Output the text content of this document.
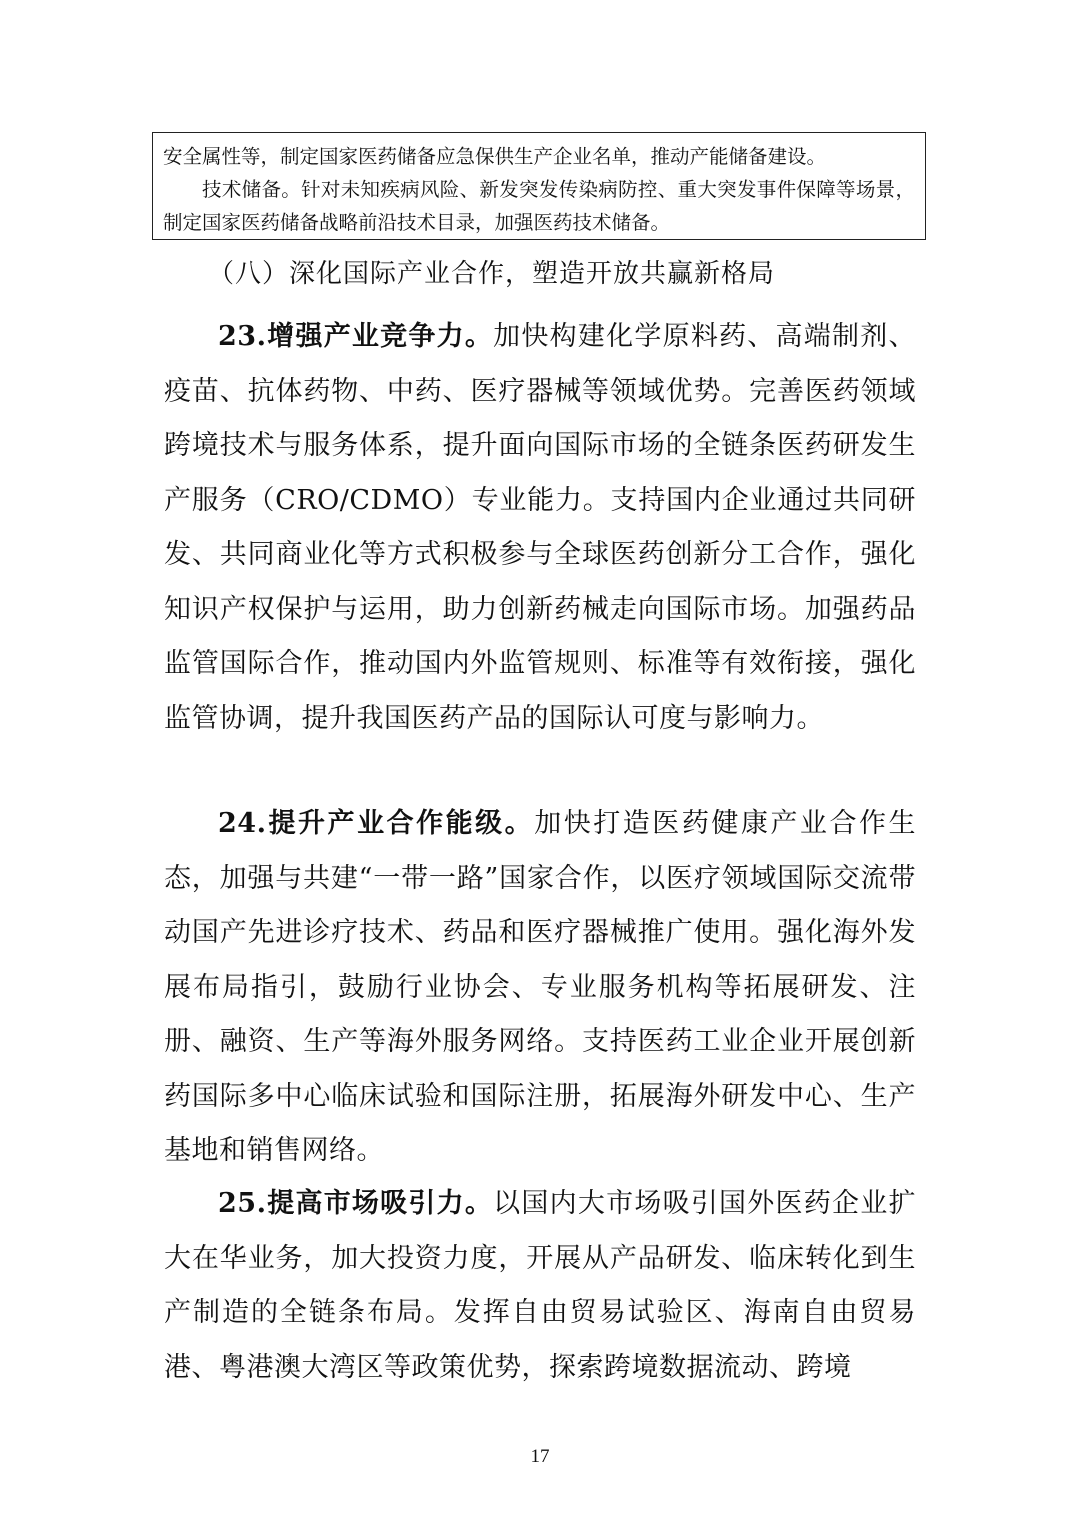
安全属性等，制定国家医药储备应急保供生产企业名单，推动产能储备建设。

技术储备。针对未知疾病风险、新发突发传染病防控、重大突发事件保障等场景，制定国家医药储备战略前沿技术目录，加强医药技术储备。

（八）深化国际产业合作，塑造开放共赢新格局

23.增强产业竞争力。加快构建化学原料药、高端制剂、疫苗、抗体药物、中药、医疗器械等领域优势。完善医药领域跨境技术与服务体系，提升面向国际市场的全链条医药研发生产服务（CRO/CDMO）专业能力。支持国内企业通过共同研发、共同商业化等方式积极参与全球医药创新分工合作，强化知识产权保护与运用，助力创新药械走向国际市场。加强药品监管国际合作，推动国内外监管规则、标准等有效衔接，强化监管协调，提升我国医药产品的国际认可度与影响力。

24.提升产业合作能级。加快打造医药健康产业合作生态，加强与共建“一带一路”国家合作，以医疗领域国际交流带动国产先进诊疗技术、药品和医疗器械推广使用。强化海外发展布局指引，鼓励行业协会、专业服务机构等拓展研发、注册、融资、生产等海外服务网络。支持医药工业企业开展创新药国际多中心临床试验和国际注册，拓展海外研发中心、生产基地和销售网络。

25.提高市场吸引力。以国内大市场吸引国外医药企业扩大在华业务，加大投资力度，开展从产品研发、临床转化到生产制造的全链条布局。发挥自由贸易试验区、海南自由贸易港、粤港澳大湾区等政策优势，探索跨境数据流动、跨境

17
